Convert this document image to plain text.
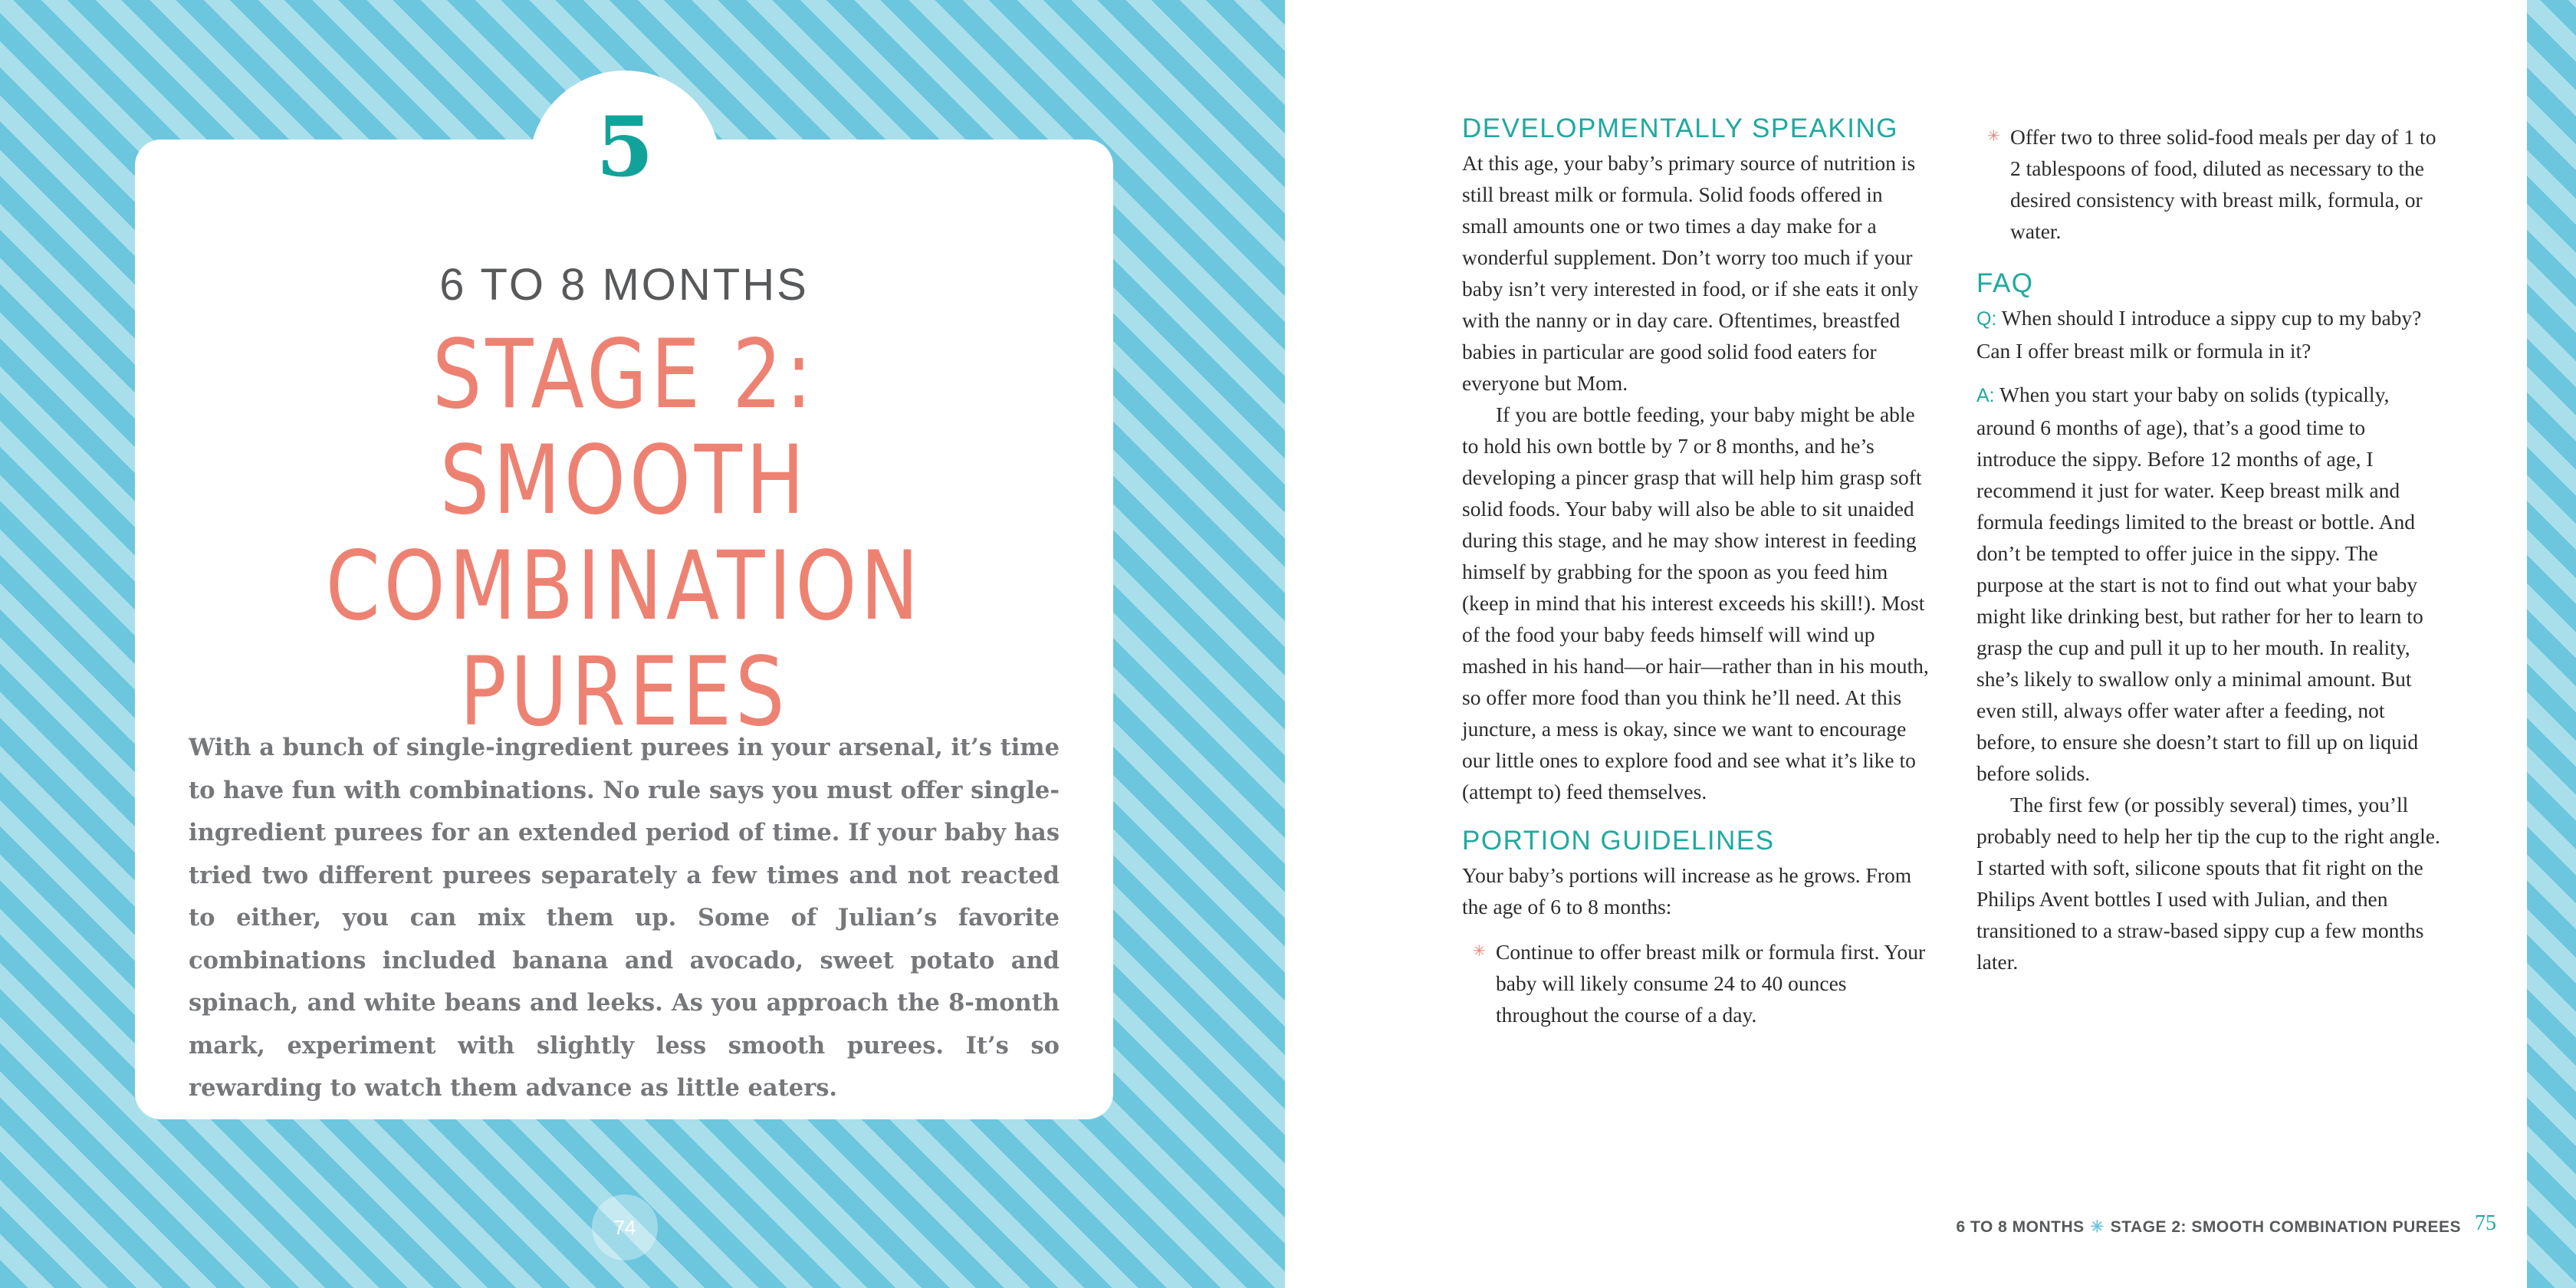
5
6 TO 8 MONTHS
STAGE 2: SMOOTH
COMBINATION
PUREES
With a bunch of single-ingredient purees in your arsenal, it’s time to have fun with combinations. No rule says you must offer single-ingredient purees for an extended period of time. If your baby has tried two different purees separately a few times and not reacted to either, you can mix them up. Some of Julian’s favorite combinations included banana and avocado, sweet potato and spinach, and white beans and leeks. As you approach the 8-month mark, experiment with slightly less smooth purees. It’s so rewarding to watch them advance as little eaters.
74
DEVELOPMENTALLY SPEAKING

At this age, your baby’s primary source of nutrition is still breast milk or formula. Solid foods offered in small amounts one or two times a day make for a wonderful supplement. Don’t worry too much if your baby isn’t very interested in food, or if she eats it only with the nanny or in day care. Oftentimes, breastfed babies in particular are good solid food eaters for everyone but Mom.

If you are bottle feeding, your baby might be able to hold his own bottle by 7 or 8 months, and he’s developing a pincer grasp that will help him grasp soft solid foods. Your baby will also be able to sit unaided during this stage, and he may show interest in feeding himself by grabbing for the spoon as you feed him (keep in mind that his interest exceeds his skill!). Most of the food your baby feeds himself will wind up mashed in his hand—or hair—rather than in his mouth, so offer more food than you think he’ll need. At this juncture, a mess is okay, since we want to encourage our little ones to explore food and see what it’s like to (attempt to) feed themselves.

PORTION GUIDELINES

Your baby’s portions will increase as he grows. From the age of 6 to 8 months:

✳ Continue to offer breast milk or formula first. Your baby will likely consume 24 to 40 ounces throughout the course of a day.

✳ Offer two to three solid-food meals per day of 1 to 2 tablespoons of food, diluted as necessary to the desired consistency with breast milk, formula, or water.

FAQ

Q: When should I introduce a sippy cup to my baby? Can I offer breast milk or formula in it?

A: When you start your baby on solids (typically, around 6 months of age), that’s a good time to introduce the sippy. Before 12 months of age, I recommend it just for water. Keep breast milk and formula feedings limited to the breast or bottle. And don’t be tempted to offer juice in the sippy. The purpose at the start is not to find out what your baby might like drinking best, but rather for her to learn to grasp the cup and pull it up to her mouth. In reality, she’s likely to swallow only a minimal amount. But even still, always offer water after a feeding, not before, to ensure she doesn’t start to fill up on liquid before solids.

The first few (or possibly several) times, you’ll probably need to help her tip the cup to the right angle. I started with soft, silicone spouts that fit right on the Philips Avent bottles I used with Julian, and then transitioned to a straw-based sippy cup a few months later.

6 TO 8 MONTHS ✳ STAGE 2: SMOOTH COMBINATION PUREES 75
